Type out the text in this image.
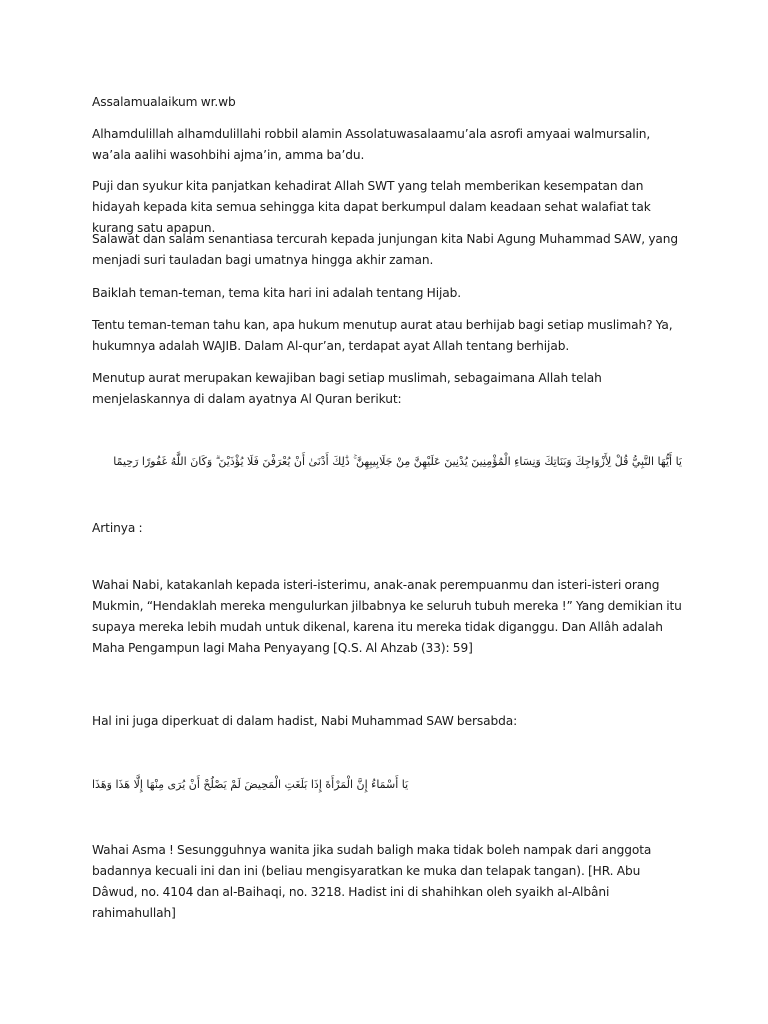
Assalamualaikum wr.wb

Alhamdulillah alhamdulillahi robbil alamin Assolatuwasalaamu’ala asrofi amyaai walmursalin, wa’ala aalihi wasohbihi ajma’in, amma ba’du.

Puji dan syukur kita panjatkan kehadirat Allah SWT yang telah memberikan kesempatan dan hidayah kepada kita semua sehingga kita dapat berkumpul dalam keadaan sehat walafiat tak kurang satu apapun.

Salawat dan salam senantiasa tercurah kepada junjungan kita Nabi Agung Muhammad SAW, yang menjadi suri tauladan bagi umatnya hingga akhir zaman.

Baiklah teman-teman, tema kita hari ini adalah tentang Hijab.

Tentu teman-teman tahu kan, apa hukum menutup aurat atau berhijab bagi setiap muslimah? Ya, hukumnya adalah WAJIB. Dalam Al-qur’an, terdapat ayat Allah tentang berhijab.

Menutup aurat merupakan kewajiban bagi setiap muslimah, sebagaimana Allah telah menjelaskannya di dalam ayatnya Al Quran berikut:

يَا أَيُّهَا النَّبِيُّ قُلْ لِأَزْوَاجِكَ وَبَنَاتِكَ وَنِسَاءِ الْمُؤْمِنِينَ يُدْنِينَ عَلَيْهِنَّ مِنْ جَلَابِيبِهِنَّ ۚ ذَٰلِكَ أَدْنَىٰ أَنْ يُعْرَفْنَ فَلَا يُؤْذَيْنَ ۗ وَكَانَ اللَّهُ غَفُورًا رَحِيمًا

Artinya :

Wahai Nabi, katakanlah kepada isteri-isterimu, anak-anak perempuanmu dan isteri-isteri orang Mukmin, “Hendaklah mereka mengulurkan jilbabnya ke seluruh tubuh mereka !” Yang demikian itu supaya mereka lebih mudah untuk dikenal, karena itu mereka tidak diganggu. Dan Allâh adalah Maha Pengampun lagi Maha Penyayang [Q.S. Al Ahzab (33): 59]

Hal ini juga diperkuat di dalam hadist, Nabi Muhammad SAW bersabda:

يَا أَسْمَاءُ إِنَّ الْمَرْأَةَ إِذَا بَلَغَتِ الْمَحِيضَ لَمْ يَصْلُحْ أَنْ يُرَى مِنْهَا إِلَّا هَذَا وَهَذَا

Wahai Asma ! Sesungguhnya wanita jika sudah baligh maka tidak boleh nampak dari anggota badannya kecuali ini dan ini (beliau mengisyaratkan ke muka dan telapak tangan). [HR. Abu Dâwud, no. 4104 dan al-Baihaqi, no. 3218. Hadist ini di shahihkan oleh syaikh al-Albâni rahimahullah]
